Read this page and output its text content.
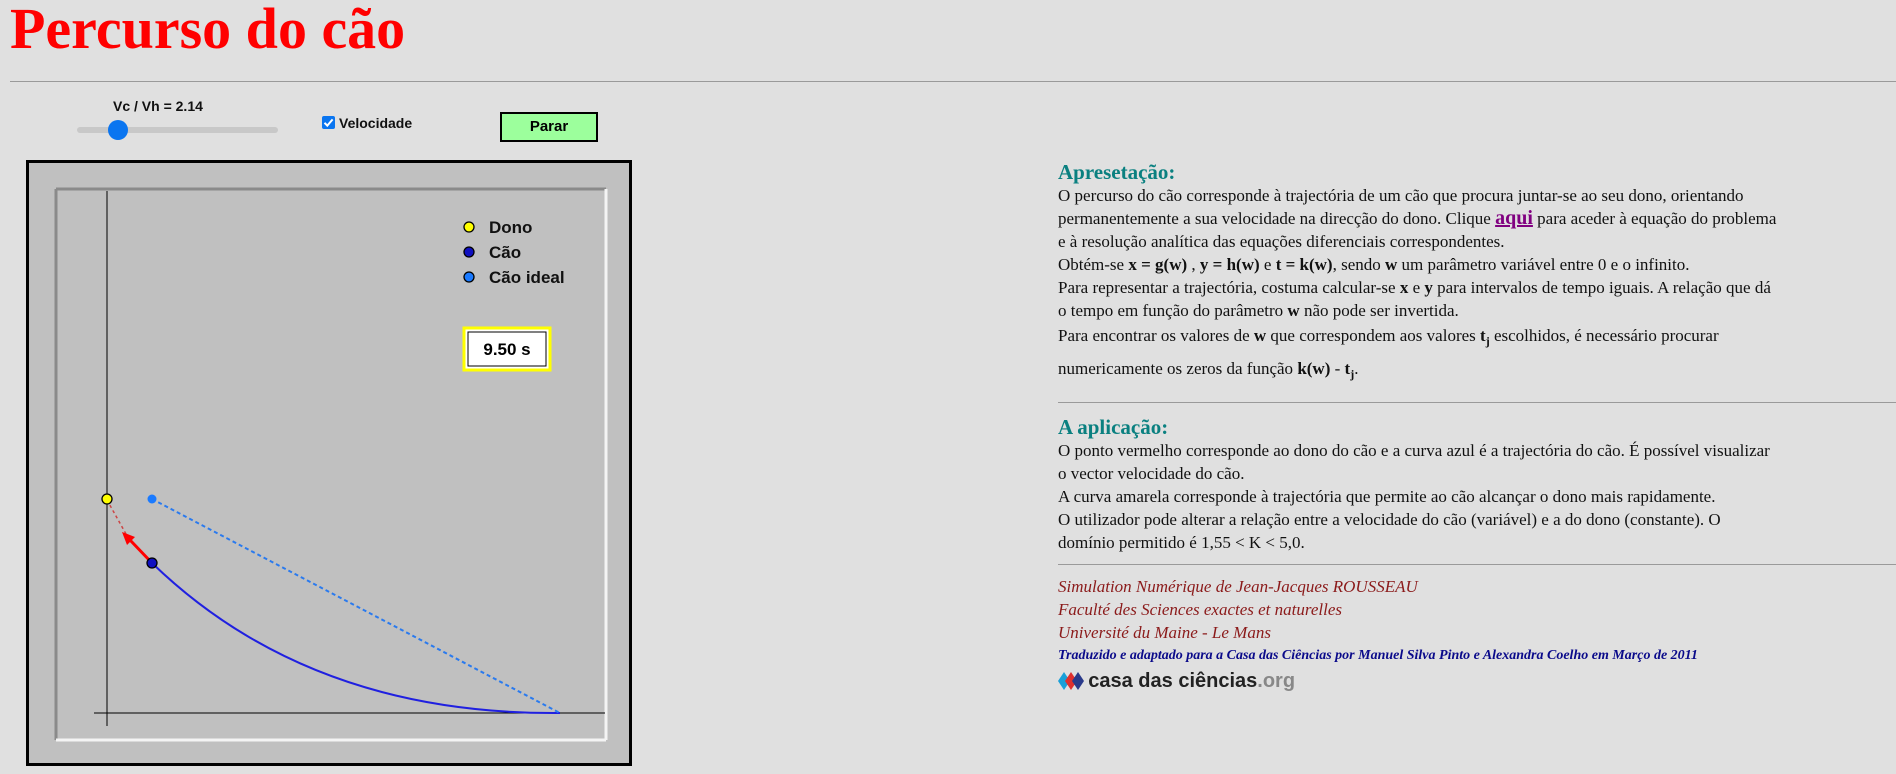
Percurso do cão
Vc / Vh = 2.14
Velocidade	Parar
Dono
Cão
Cão ideal
9.50 s
Apresetação:
O percurso do cão corresponde à trajectória de um cão que procura juntar-se ao seu dono, orientando
permanentemente a sua velocidade na direcção do dono. Clique aqui para aceder à equação do problema
e à resolução analítica das equações diferenciais correspondentes.
Obtém-se x = g(w) , y = h(w) e t = k(w), sendo w um parâmetro variável entre 0 e o infinito.
Para representar a trajectória, costuma calcular-se x e y para intervalos de tempo iguais. A relação que dá
o tempo em função do parâmetro w não pode ser invertida.
Para encontrar os valores de w que correspondem aos valores $t_j$ escolhidos, é necessário procurar
numericamente os zeros da função $k(w) - t_j$.
A aplicação:
O ponto vermelho corresponde ao dono do cão e a curva azul é a trajectória do cão. É possível visualizar
o vector velocidade do cão.
A curva amarela corresponde à trajectória que permite ao cão alcançar o dono mais rapidamente.
O utilizador pode alterar a relação entre a velocidade do cão (variável) e a do dono (constante). O
domínio permitido é 1,55 < K < 5,0.
Simulation Numérique de Jean-Jacques ROUSSEAU
Faculté des Sciences exactes et naturelles
Université du Maine - Le Mans
Traduzido e adaptado para a Casa das Ciências por Manuel Silva Pinto e Alexandra Coelho em Março de 2011
casa das ciências.org
